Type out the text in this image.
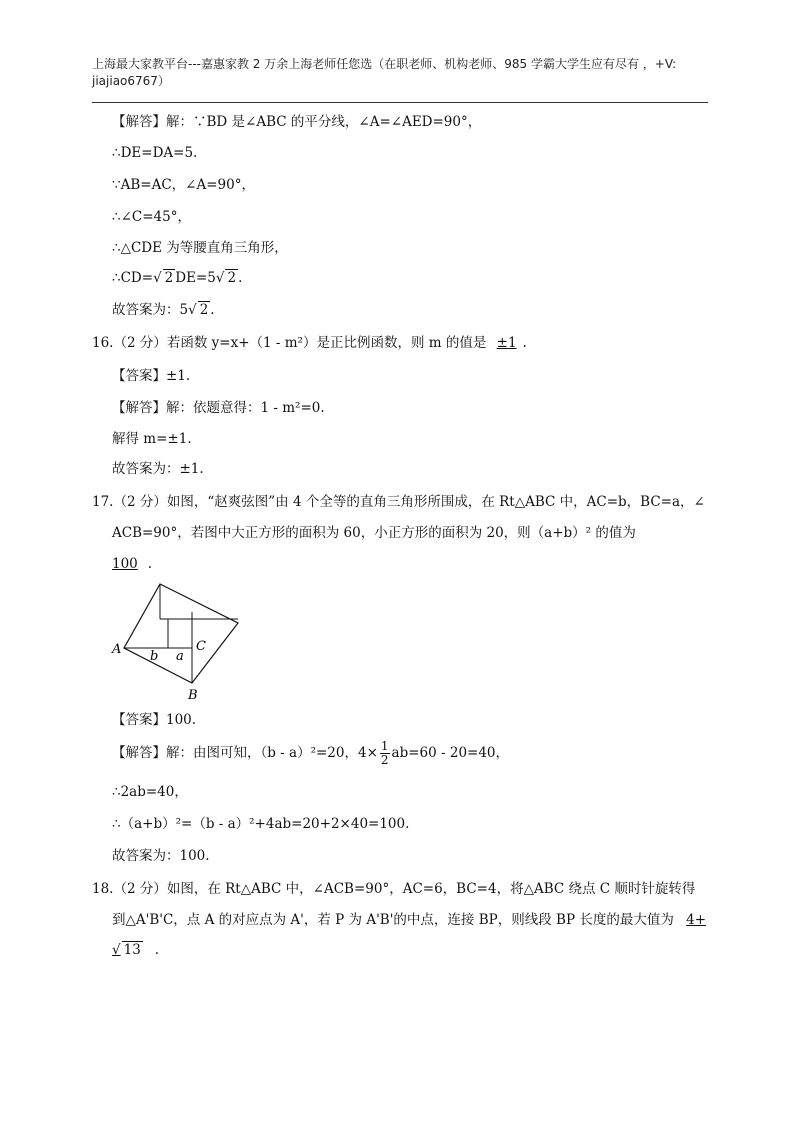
上海最大家教平台---嘉惠家教 2 万余上海老师任您选（在职老师、机构老师、985 学霸大学生应有尽有 ，+V:
jiajiao6767）
【解答】解：∵BD 是∠ABC 的平分线，∠A=∠AED=90°，
∴DE=DA=5.
∵AB=AC，∠A=90°，
∴∠C=45°，
∴△CDE 为等腰直角三角形，
∴CD=√ 2 DE=5√ 2 .
故答案为：5√ 2 .
16.（2 分）若函数 y=x+（1 - m²）是正比例函数，则 m 的值是 ±1 .
【答案】±1.
【解答】解：依题意得：1 - m²=0.
解得 m=±1.
故答案为：±1.
17.（2 分）如图，“赵爽弦图”由 4 个全等的直角三角形所围成，在 Rt△ABC 中，AC=b，BC=a，∠
ACB=90°，若图中大正方形的面积为 60，小正方形的面积为 20，则（a+b）² 的值为
100 .
A
B
C
a
b
【答案】100.
【解答】解：由图可知，（b - a）²=20，$4\times \frac{1}{2} ab=60 - 20=40$，
∴2ab=40，
∴（a+b）²=（b - a）²+4ab=20+2×40=100.
故答案为：100.
18.（2 分）如图，在 Rt△ABC 中，∠ACB=90°，AC=6，BC=4，将△ABC 绕点 C 顺时针旋转得
到△A'B'C，点 A 的对应点为 A'，若 P 为 A'B'的中点，连接 BP，则线段 BP 长度的最大值为 4+
√ 13 .
